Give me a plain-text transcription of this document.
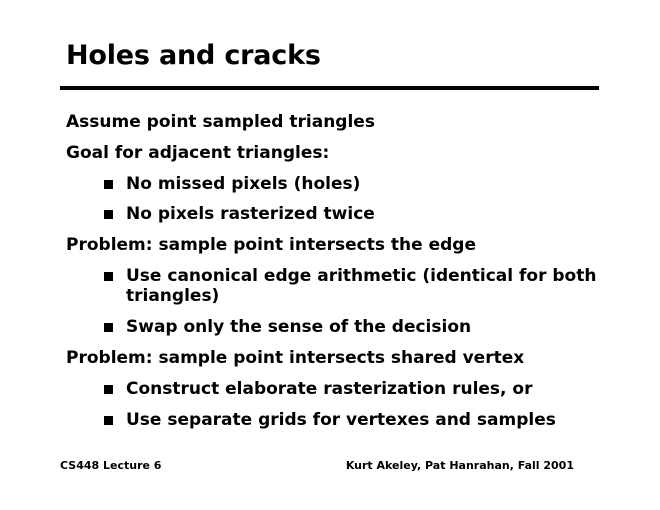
Holes and cracks
Assume point sampled triangles
Goal for adjacent triangles:
No missed pixels (holes)
No pixels rasterized twice
Problem: sample point intersects the edge
Use canonical edge arithmetic (identical for both
triangles)
Swap only the sense of the decision
Problem: sample point intersects shared vertex
Construct elaborate rasterization rules, or
Use separate grids for vertexes and samples
CS448 Lecture 6	Kurt Akeley, Pat Hanrahan, Fall 2001
